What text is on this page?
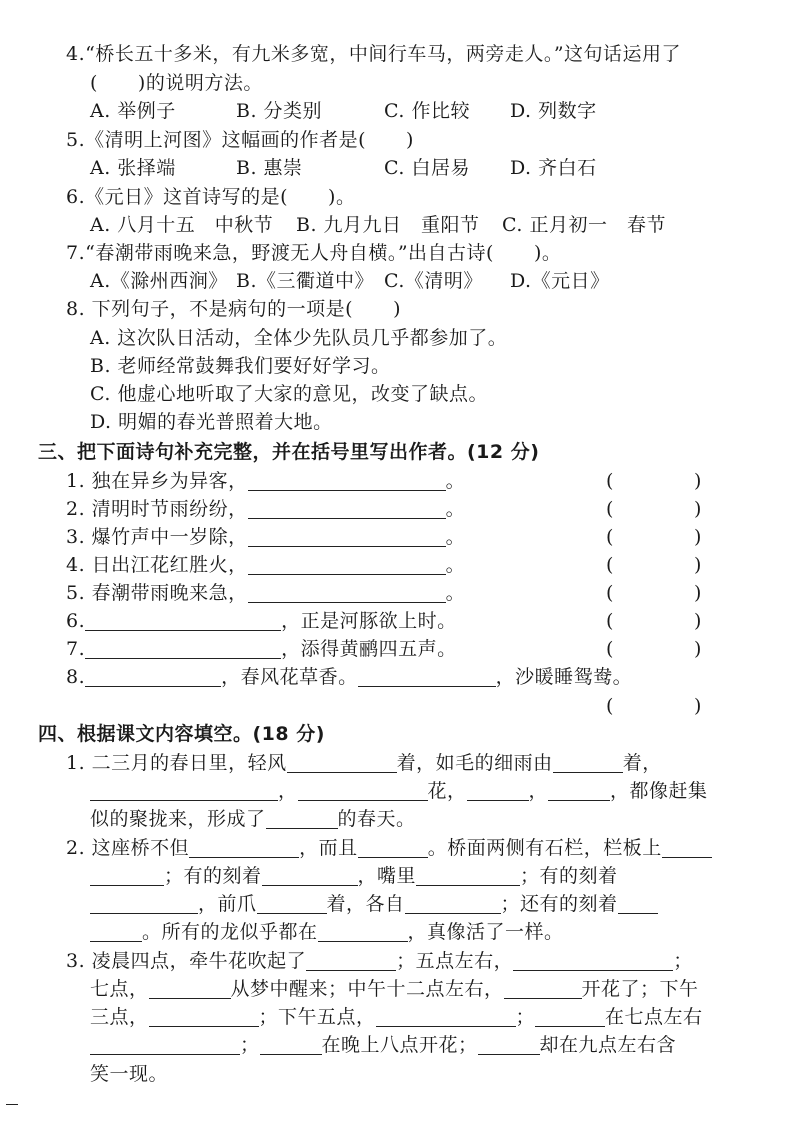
4.“桥长五十多米，有九米多宽，中间行车马，两旁走人。”这句话运用了
( )的说明方法。
A. 举例子	B. 分类别	C. 作比较 D. 列数字
5.《清明上河图》这幅画的作者是( )
A. 张择端	B. 惠崇	C. 白居易 D. 齐白石
6.《元日》这首诗写的是( )。
A. 八月十五　中秋节 B. 九月九日　重阳节 C. 正月初一　春节
7.“春潮带雨晚来急，野渡无人舟自横。”出自古诗( )。
A.《滁州西涧》 B.《三衢道中》 C.《清明》 D.《元日》
8. 下列句子，不是病句的一项是( )
A. 这次队日活动，全体少先队员几乎都参加了。
B. 老师经常鼓舞我们要好好学习。
C. 他虚心地听取了大家的意见，改变了缺点。
D. 明媚的春光普照着大地。
三、把下面诗句补充完整，并在括号里写出作者。(12 分)
1. 独在异乡为异客，	。	(	)
2. 清明时节雨纷纷，	。	(	)
3. 爆竹声中一岁除，	。	(	)
4. 日出江花红胜火，	。	(	)
5. 春潮带雨晚来急，	。	(	)
6.	，正是河豚欲上时。	(	)
7.	，添得黄鹂四五声。	(	)
8.	，春风花草香。	，沙暖睡鸳鸯。
(	)
四、根据课文内容填空。(18 分)
1. 二三月的春日里，轻风	着，如毛的细雨由	着，
，	花，	，	，都像赶集
似的聚拢来，形成了	的春天。
2. 这座桥不但	，而且	。桥面两侧有石栏，栏板上
；有的刻着	，嘴里	；有的刻着
，前爪	着，各自	；还有的刻着
。所有的龙似乎都在	，真像活了一样。
3. 凌晨四点，牵牛花吹起了	；五点左右，	；
七点，	从梦中醒来；中午十二点左右，	开花了；下午
三点，	；下午五点，	；	在七点左右
；	在晚上八点开花；	却在九点左右含
笑一现。
